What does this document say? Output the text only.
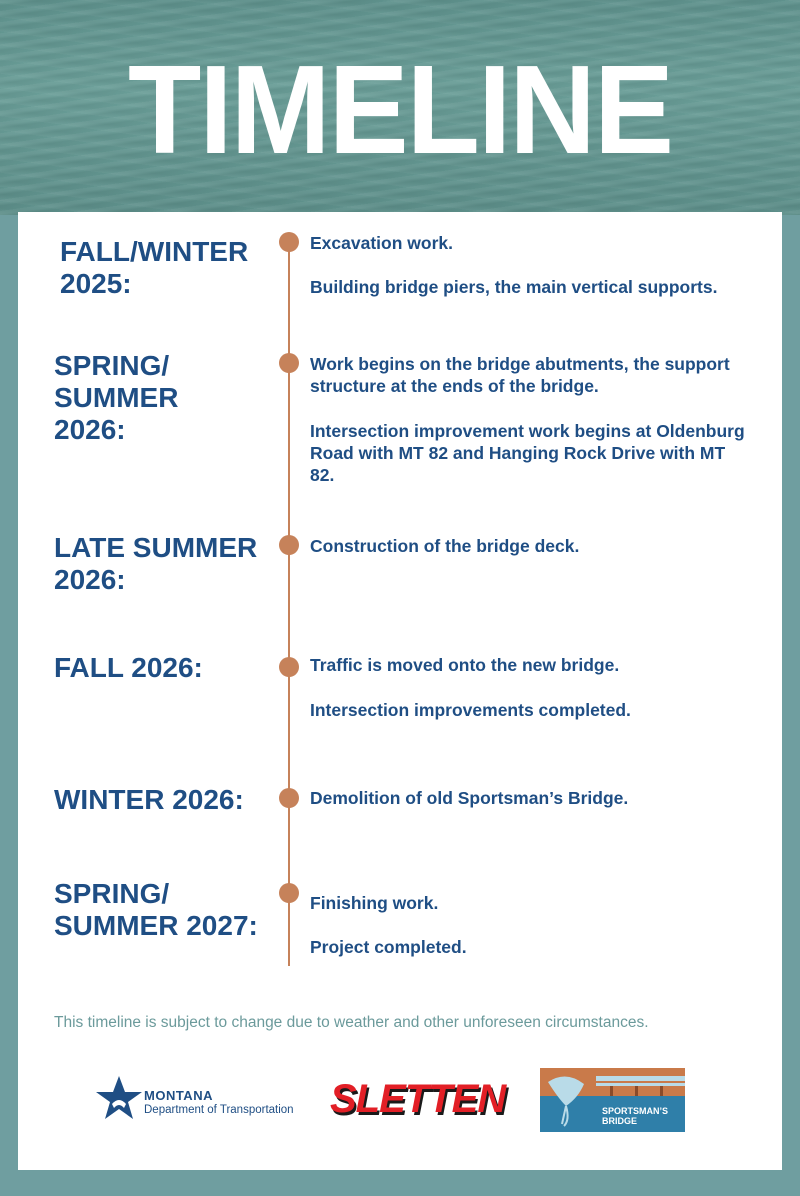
TIMELINE
FALL/WINTER 2025:
Excavation work.
Building bridge piers, the main vertical supports.
SPRING/ SUMMER 2026:
Work begins on the bridge abutments, the support structure at the ends of the bridge.
Intersection improvement work begins at Oldenburg Road with MT 82 and Hanging Rock Drive with MT 82.
LATE SUMMER 2026:
Construction of the bridge deck.
FALL 2026:	Traffic is moved onto the new bridge.
Intersection improvements completed.
WINTER 2026:	Demolition of old Sportsman’s Bridge.
SPRING/ SUMMER 2027:
Finishing work.
Project completed.
This timeline is subject to change due to weather and other unforeseen circumstances.
MONTANA
Department of Transportation SLETTEN	SPORTSMAN’S BRIDGE
